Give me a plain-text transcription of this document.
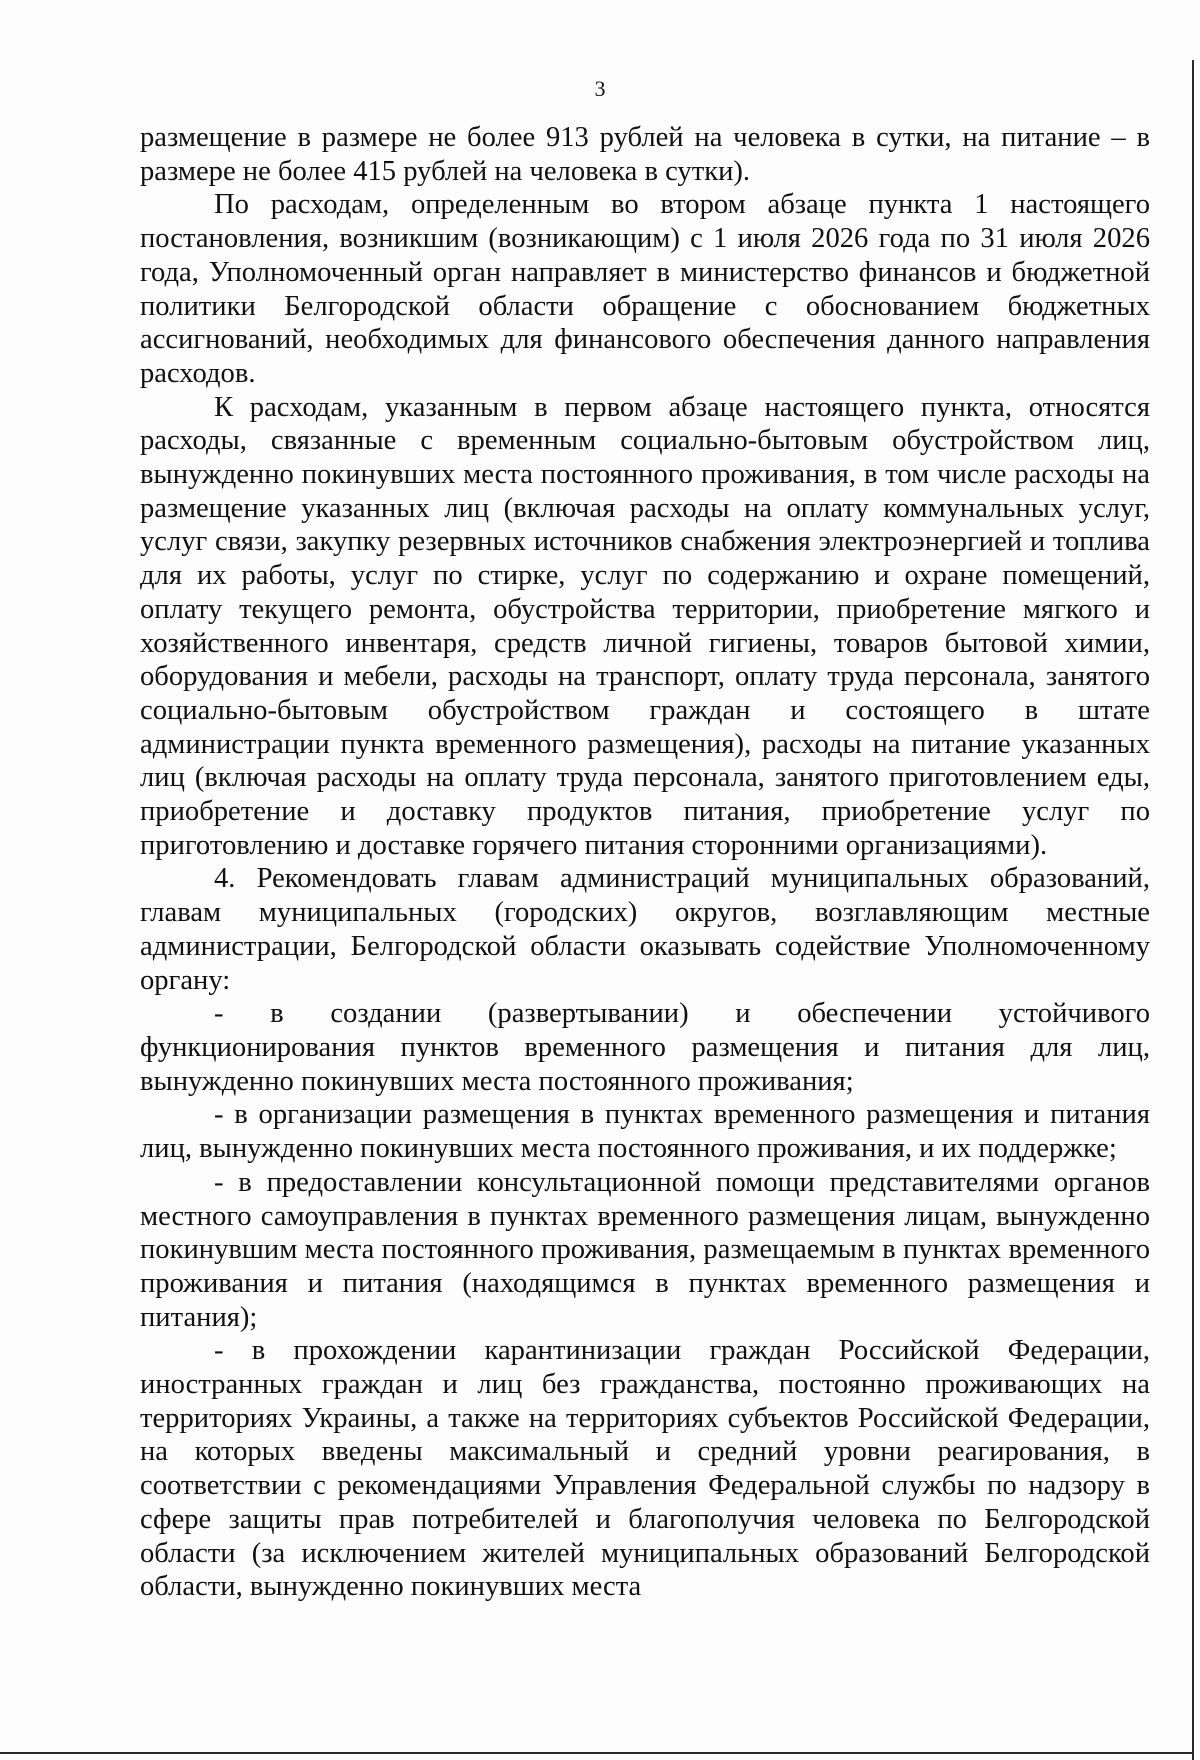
3

размещение в размере не более 913 рублей на человека в сутки, на питание – в размере не более 415 рублей на человека в сутки).

По расходам, определенным во втором абзаце пункта 1 настоящего постановления, возникшим (возникающим) с 1 июля 2026 года по 31 июля 2026 года, Уполномоченный орган направляет в министерство финансов и бюджетной политики Белгородской области обращение с обоснованием бюджетных ассигнований, необходимых для финансового обеспечения данного направления расходов.

К расходам, указанным в первом абзаце настоящего пункта, относятся расходы, связанные с временным социально-бытовым обустройством лиц, вынужденно покинувших места постоянного проживания, в том числе расходы на размещение указанных лиц (включая расходы на оплату коммунальных услуг, услуг связи, закупку резервных источников снабжения электроэнергией и топлива для их работы, услуг по стирке, услуг по содержанию и охране помещений, оплату текущего ремонта, обустройства территории, приобретение мягкого и хозяйственного инвентаря, средств личной гигиены, товаров бытовой химии, оборудования и мебели, расходы на транспорт, оплату труда персонала, занятого социально-бытовым обустройством граждан и состоящего в штате администрации пункта временного размещения), расходы на питание указанных лиц (включая расходы на оплату труда персонала, занятого приготовлением еды, приобретение и доставку продуктов питания, приобретение услуг по приготовлению и доставке горячего питания сторонними организациями).

4. Рекомендовать главам администраций муниципальных образований, главам муниципальных (городских) округов, возглавляющим местные администрации, Белгородской области оказывать содействие Уполномоченному органу:

- в создании (развертывании) и обеспечении устойчивого функционирования пунктов временного размещения и питания для лиц, вынужденно покинувших места постоянного проживания;

- в организации размещения в пунктах временного размещения и питания лиц, вынужденно покинувших места постоянного проживания, и их поддержке;

- в предоставлении консультационной помощи представителями органов местного самоуправления в пунктах временного размещения лицам, вынужденно покинувшим места постоянного проживания, размещаемым в пунктах временного проживания и питания (находящимся в пунктах временного размещения и питания);

- в прохождении карантинизации граждан Российской Федерации, иностранных граждан и лиц без гражданства, постоянно проживающих на территориях Украины, а также на территориях субъектов Российской Федерации, на которых введены максимальный и средний уровни реагирования, в соответствии с рекомендациями Управления Федеральной службы по надзору в сфере защиты прав потребителей и благополучия человека по Белгородской области (за исключением жителей муниципальных образований Белгородской области, вынужденно покинувших места
